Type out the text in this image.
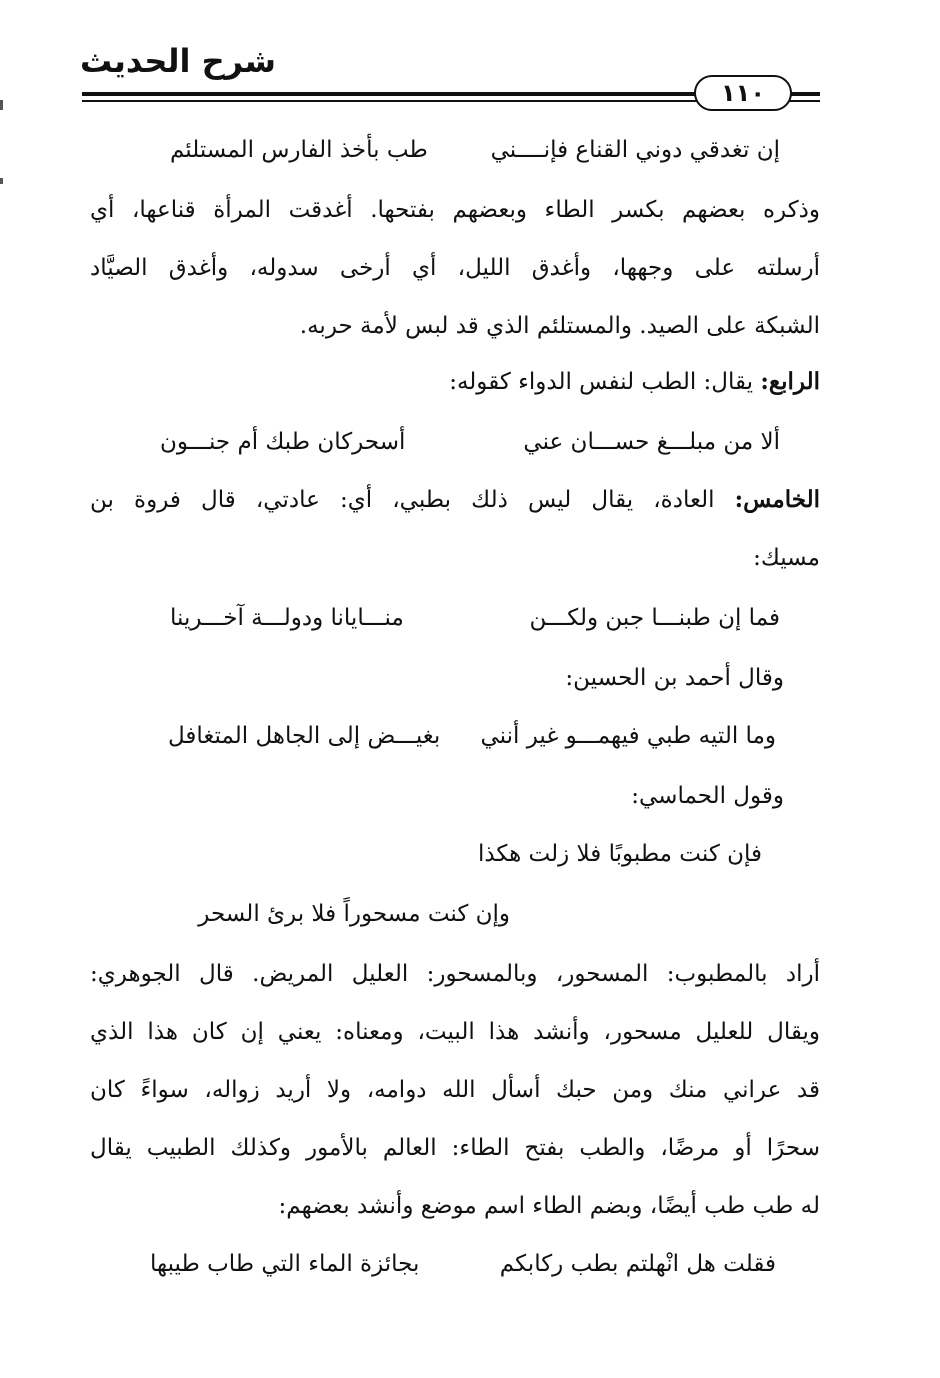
شرح الحديث
١١٠
إن تغدقي دوني القناع فإنــــني
طب بأخذ الفارس المستلئم
وذكره بعضهم بكسر الطاء وبعضهم بفتحها. أغدقت المرأة قناعها، أي
أرسلته على وجهها، وأغدق الليل، أي أرخى سدوله، وأغدق الصيَّاد
الشبكة على الصيد. والمستلئم الذي قد لبس لأمة حربه.
الرابع: يقال: الطب لنفس الدواء كقوله:
ألا من مبلـــغ حســـان عني
أسحركان طبك أم جنـــون
الخامس: العادة، يقال ليس ذلك بطبي، أي: عادتي، قال فروة بن
مسيك:
فما إن طبنـــا جبن ولكـــن
منـــايانا ودولـــة آخـــرينا
وقال أحمد بن الحسين:
وما التيه طبي فيهمـــو غير أنني
بغيـــض إلى الجاهل المتغافل
وقول الحماسي:
فإن كنت مطبوبًا فلا زلت هكذا
وإن كنت مسحوراً فلا برئ السحر
أراد بالمطبوب: المسحور، وبالمسحور: العليل المريض. قال الجوهري:
ويقال للعليل مسحور، وأنشد هذا البيت، ومعناه: يعني إن كان هذا الذي
قد عراني منك ومن حبك أسأل الله دوامه، ولا أريد زواله، سواءً كان
سحرًا أو مرضًا، والطب بفتح الطاء: العالم بالأمور وكذلك الطبيب يقال
له طب طب أيضًا، وبضم الطاء اسم موضع وأنشد بعضهم:
فقلت هل انْهلتم بطب ركابكم
بجائزة الماء التي طاب طيبها
